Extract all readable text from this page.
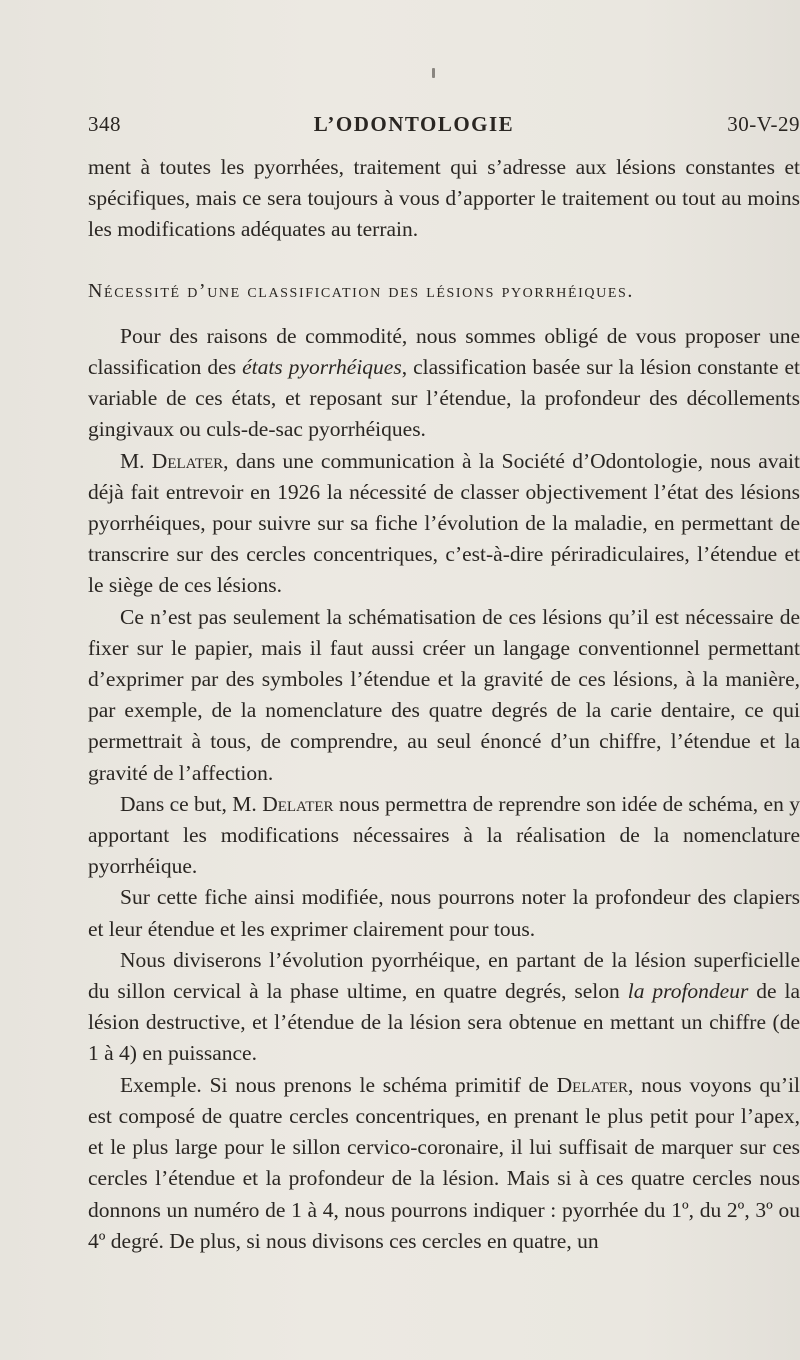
348	L’ODONTOLOGIE	30-V-29

ment à toutes les pyorrhées, traitement qui s’adresse aux lésions constantes et spécifiques, mais ce sera toujours à vous d’apporter le traitement ou tout au moins les modifications adéquates au terrain.

Nécessité d’une classification des lésions pyorrhéiques.

Pour des raisons de commodité, nous sommes obligé de vous proposer une classification des états pyorrhéiques, classification basée sur la lésion constante et variable de ces états, et reposant sur l’étendue, la profondeur des décollements gingivaux ou culs-de-sac pyorrhéiques.

M. Delater, dans une communication à la Société d’Odontologie, nous avait déjà fait entrevoir en 1926 la nécessité de classer objectivement l’état des lésions pyorrhéiques, pour suivre sur sa fiche l’évolution de la maladie, en permettant de transcrire sur des cercles concentriques, c’est-à-dire périradiculaires, l’étendue et le siège de ces lésions.

Ce n’est pas seulement la schématisation de ces lésions qu’il est nécessaire de fixer sur le papier, mais il faut aussi créer un langage conventionnel permettant d’exprimer par des symboles l’étendue et la gravité de ces lésions, à la manière, par exemple, de la nomenclature des quatre degrés de la carie dentaire, ce qui permettrait à tous, de comprendre, au seul énoncé d’un chiffre, l’étendue et la gravité de l’affection.

Dans ce but, M. Delater nous permettra de reprendre son idée de schéma, en y apportant les modifications nécessaires à la réalisation de la nomenclature pyorrhéique.

Sur cette fiche ainsi modifiée, nous pourrons noter la profondeur des clapiers et leur étendue et les exprimer clairement pour tous.

Nous diviserons l’évolution pyorrhéique, en partant de la lésion superficielle du sillon cervical à la phase ultime, en quatre degrés, selon la profondeur de la lésion destructive, et l’étendue de la lésion sera obtenue en mettant un chiffre (de 1 à 4) en puissance.

Exemple. Si nous prenons le schéma primitif de Delater, nous voyons qu’il est composé de quatre cercles concentriques, en prenant le plus petit pour l’apex, et le plus large pour le sillon cervico-coronaire, il lui suffisait de marquer sur ces cercles l’étendue et la profondeur de la lésion. Mais si à ces quatre cercles nous donnons un numéro de 1 à 4, nous pourrons indiquer : pyorrhée du 1º, du 2º, 3º ou 4º degré. De plus, si nous divisons ces cercles en quatre, un
